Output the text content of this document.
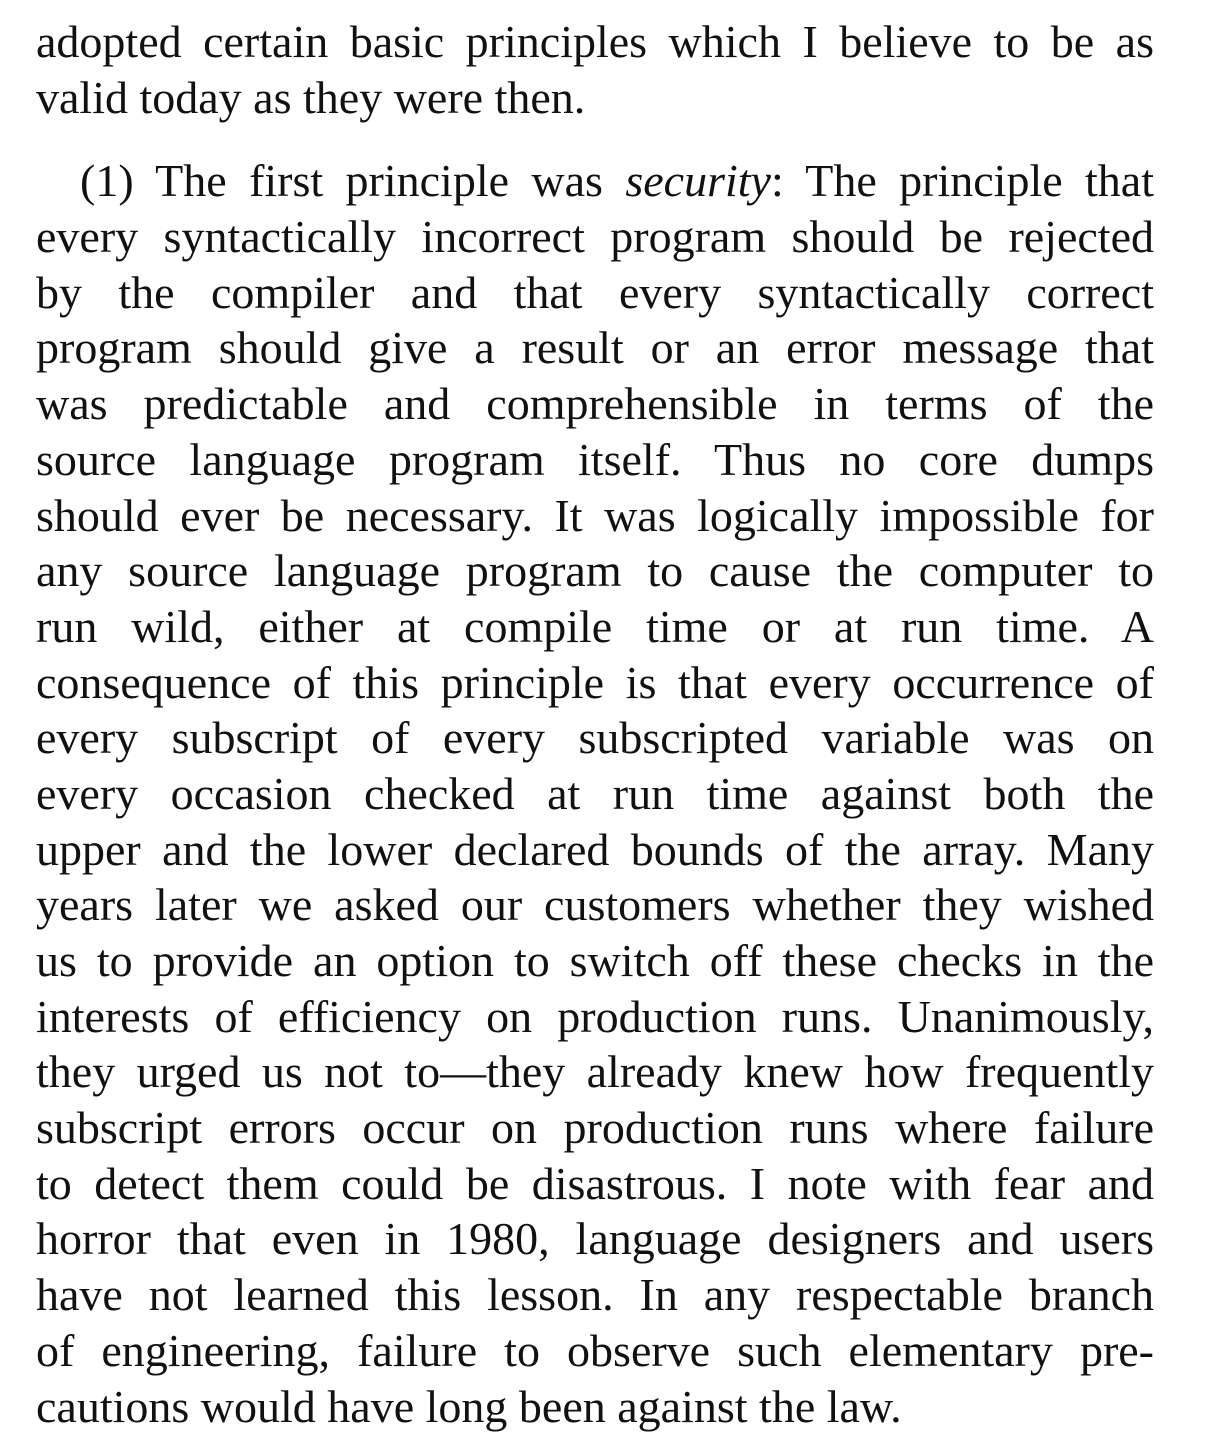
adopted certain basic principles which I believe to be as
valid today as they were then.
(1) The first principle was security: The principle that
every syntactically incorrect program should be rejected
by the compiler and that every syntactically correct
program should give a result or an error message that
was predictable and comprehensible in terms of the
source language program itself. Thus no core dumps
should ever be necessary. It was logically impossible for
any source language program to cause the computer to
run wild, either at compile time or at run time. A
consequence of this principle is that every occurrence of
every subscript of every subscripted variable was on
every occasion checked at run time against both the
upper and the lower declared bounds of the array. Many
years later we asked our customers whether they wished
us to provide an option to switch off these checks in the
interests of efficiency on production runs. Unanimously,
they urged us not to—they already knew how frequently
subscript errors occur on production runs where failure
to detect them could be disastrous. I note with fear and
horror that even in 1980, language designers and users
have not learned this lesson. In any respectable branch
of engineering, failure to observe such elementary pre-
cautions would have long been against the law.
